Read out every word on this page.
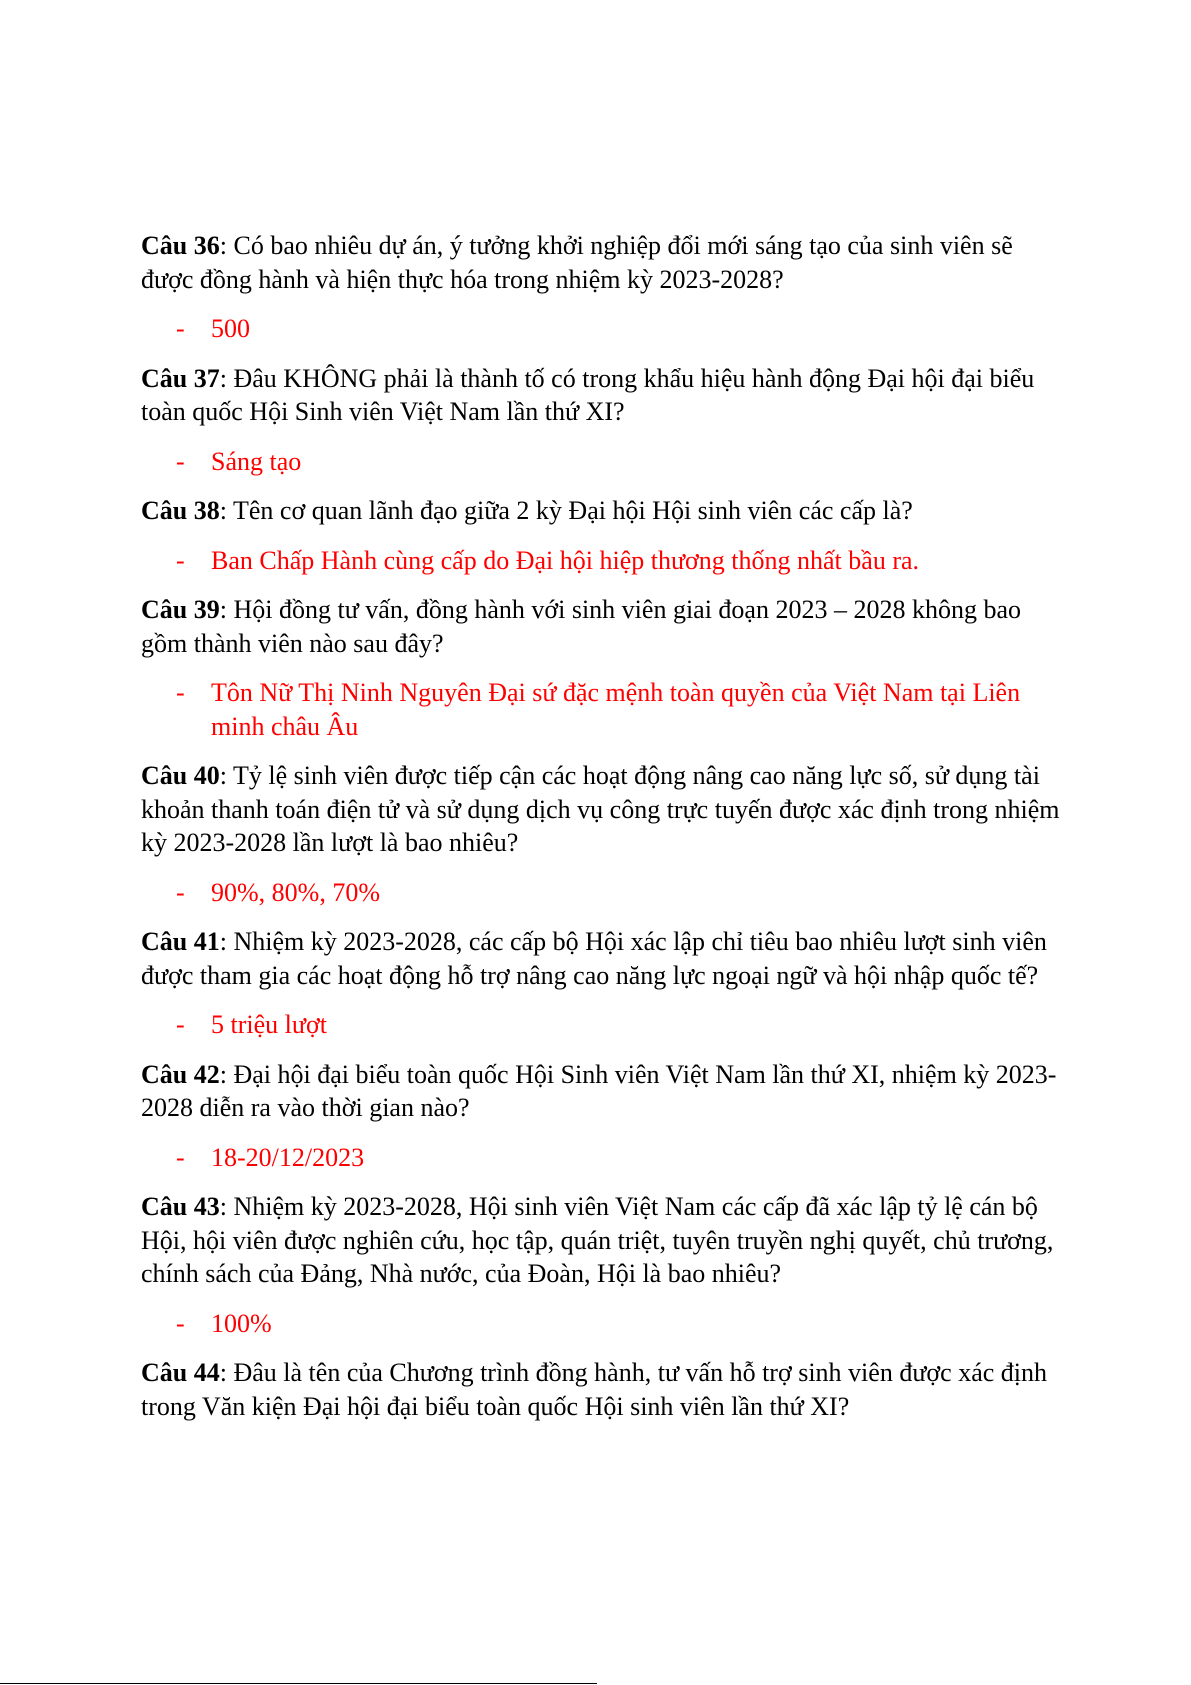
Câu 36: Có bao nhiêu dự án, ý tưởng khởi nghiệp đổi mới sáng tạo của sinh viên sẽ được đồng hành và hiện thực hóa trong nhiệm kỳ 2023-2028?

- 500

Câu 37: Đâu KHÔNG phải là thành tố có trong khẩu hiệu hành động Đại hội đại biểu toàn quốc Hội Sinh viên Việt Nam lần thứ XI?

- Sáng tạo

Câu 38: Tên cơ quan lãnh đạo giữa 2 kỳ Đại hội Hội sinh viên các cấp là?

- Ban Chấp Hành cùng cấp do Đại hội hiệp thương thống nhất bầu ra.

Câu 39: Hội đồng tư vấn, đồng hành với sinh viên giai đoạn 2023 – 2028 không bao gồm thành viên nào sau đây?

- Tôn Nữ Thị Ninh Nguyên Đại sứ đặc mệnh toàn quyền của Việt Nam tại Liên minh châu Âu

Câu 40: Tỷ lệ sinh viên được tiếp cận các hoạt động nâng cao năng lực số, sử dụng tài khoản thanh toán điện tử và sử dụng dịch vụ công trực tuyến được xác định trong nhiệm kỳ 2023-2028 lần lượt là bao nhiêu?

- 90%, 80%, 70%

Câu 41: Nhiệm kỳ 2023-2028, các cấp bộ Hội xác lập chỉ tiêu bao nhiêu lượt sinh viên được tham gia các hoạt động hỗ trợ nâng cao năng lực ngoại ngữ và hội nhập quốc tế?

- 5 triệu lượt

Câu 42: Đại hội đại biểu toàn quốc Hội Sinh viên Việt Nam lần thứ XI, nhiệm kỳ 2023-2028 diễn ra vào thời gian nào?

- 18-20/12/2023

Câu 43: Nhiệm kỳ 2023-2028, Hội sinh viên Việt Nam các cấp đã xác lập tỷ lệ cán bộ Hội, hội viên được nghiên cứu, học tập, quán triệt, tuyên truyền nghị quyết, chủ trương, chính sách của Đảng, Nhà nước, của Đoàn, Hội là bao nhiêu?

- 100%

Câu 44: Đâu là tên của Chương trình đồng hành, tư vấn hỗ trợ sinh viên được xác định trong Văn kiện Đại hội đại biểu toàn quốc Hội sinh viên lần thứ XI?
